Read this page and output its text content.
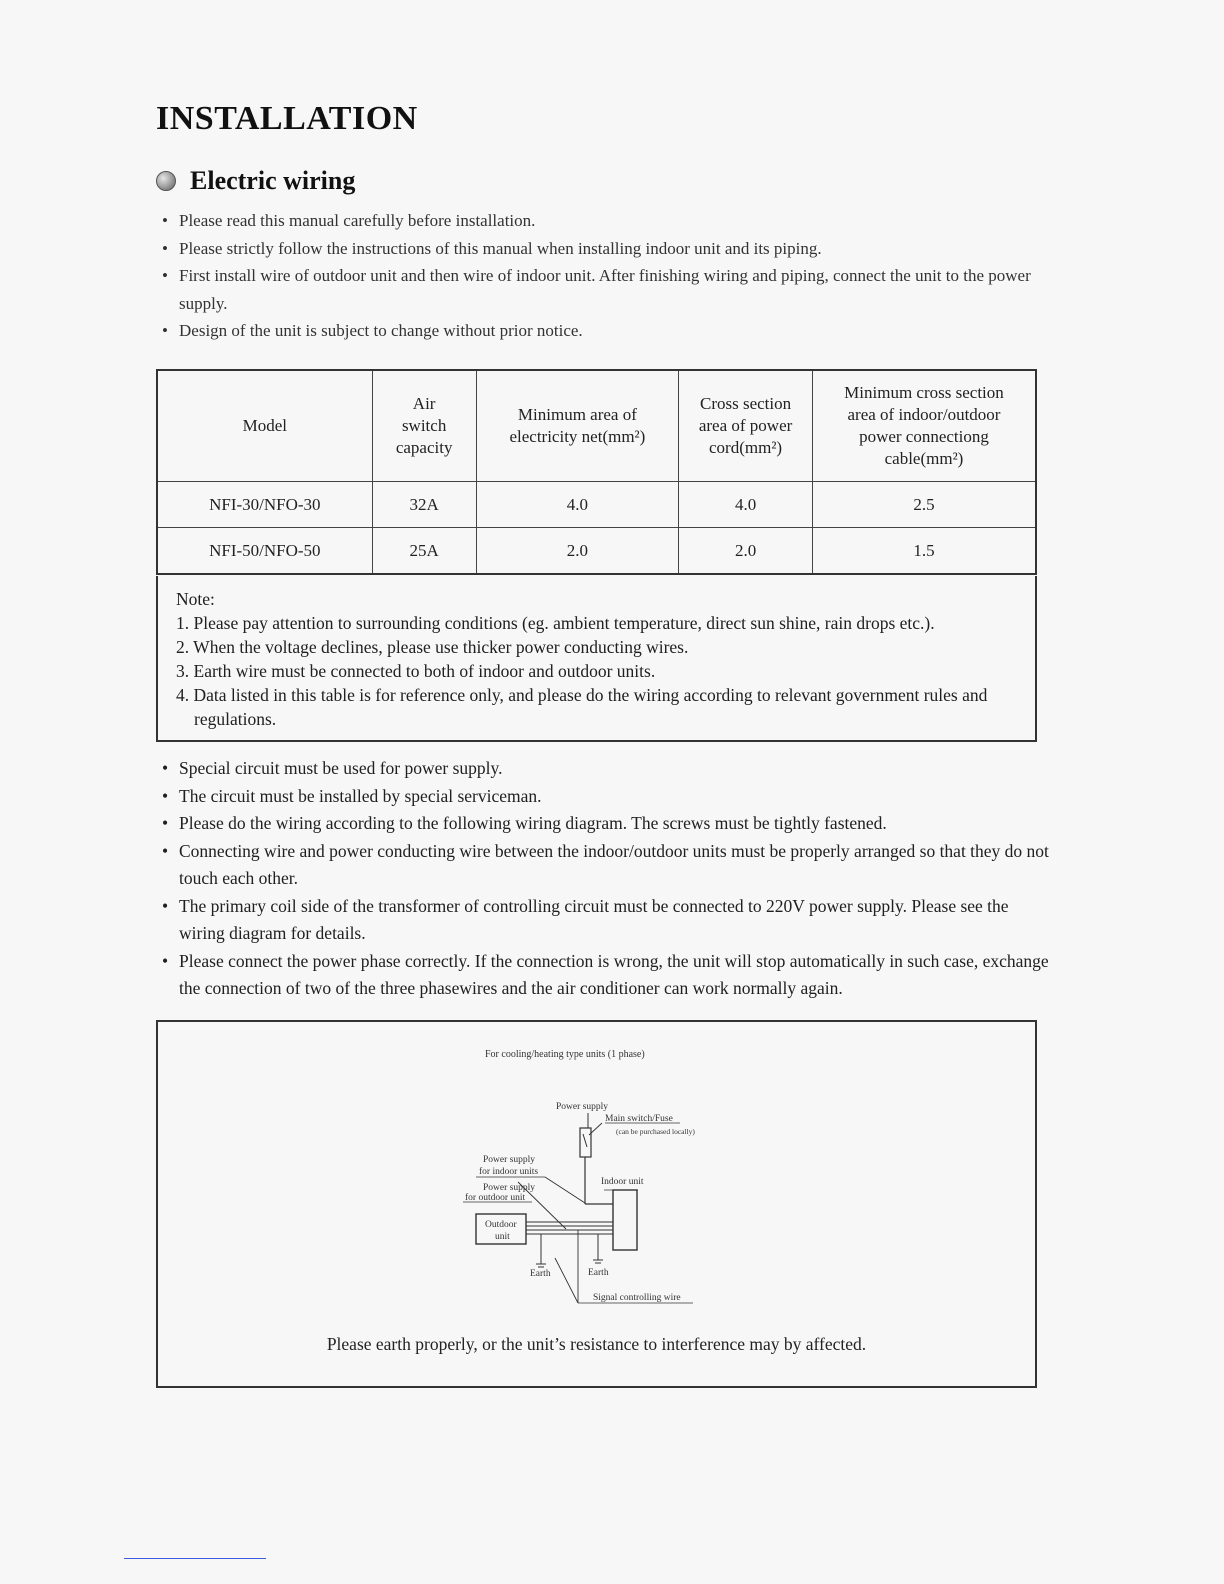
INSTALLATION
Electric wiring
• Please read this manual carefully before installation.
• Please strictly follow the instructions of this manual when installing indoor unit and its piping.
• First install wire of outdoor unit and then wire of indoor unit. After finishing wiring and piping, connect the unit to the power supply.
• Design of the unit is subject to change without prior notice.
Model	Air switch capacity	Minimum area of electricity net(mm²)	Cross section area of power cord(mm²)	Minimum cross section area of indoor/outdoor power connectiong cable(mm²)
NFI-30/NFO-30	32A	4.0	4.0	2.5
NFI-50/NFO-50	25A	2.0	2.0	1.5
Note:
1. Please pay attention to surrounding conditions (eg. ambient temperature, direct sun shine, rain drops etc.).
2. When the voltage declines, please use thicker power conducting wires.
3. Earth wire must be connected to both of indoor and outdoor units.
4. Data listed in this table is for reference only, and please do the wiring according to relevant government rules and regulations.
• Special circuit must be used for power supply.
• The circuit must be installed by special serviceman.
• Please do the wiring according to the following wiring diagram. The screws must be tightly fastened.
• Connecting wire and power conducting wire between the indoor/outdoor units must be properly arranged so that they do not touch each other.
• The primary coil side of the transformer of controlling circuit must be connected to 220V power supply. Please see the wiring diagram for details.
• Please connect the power phase correctly. If the connection is wrong, the unit will stop automatically in such case, exchange the connection of two of the three phasewires and the air conditioner can work normally again.
For cooling/heating type units (1 phase)
Power supply
Main switch/Fuse
(can be purchased locally)
Power supply
for indoor units
Power supply
for outdoor unit
Indoor unit
Outdoor
unit
Earth	Earth
Signal controlling wire
Please earth properly, or the unit’s resistance to interference may by affected.
